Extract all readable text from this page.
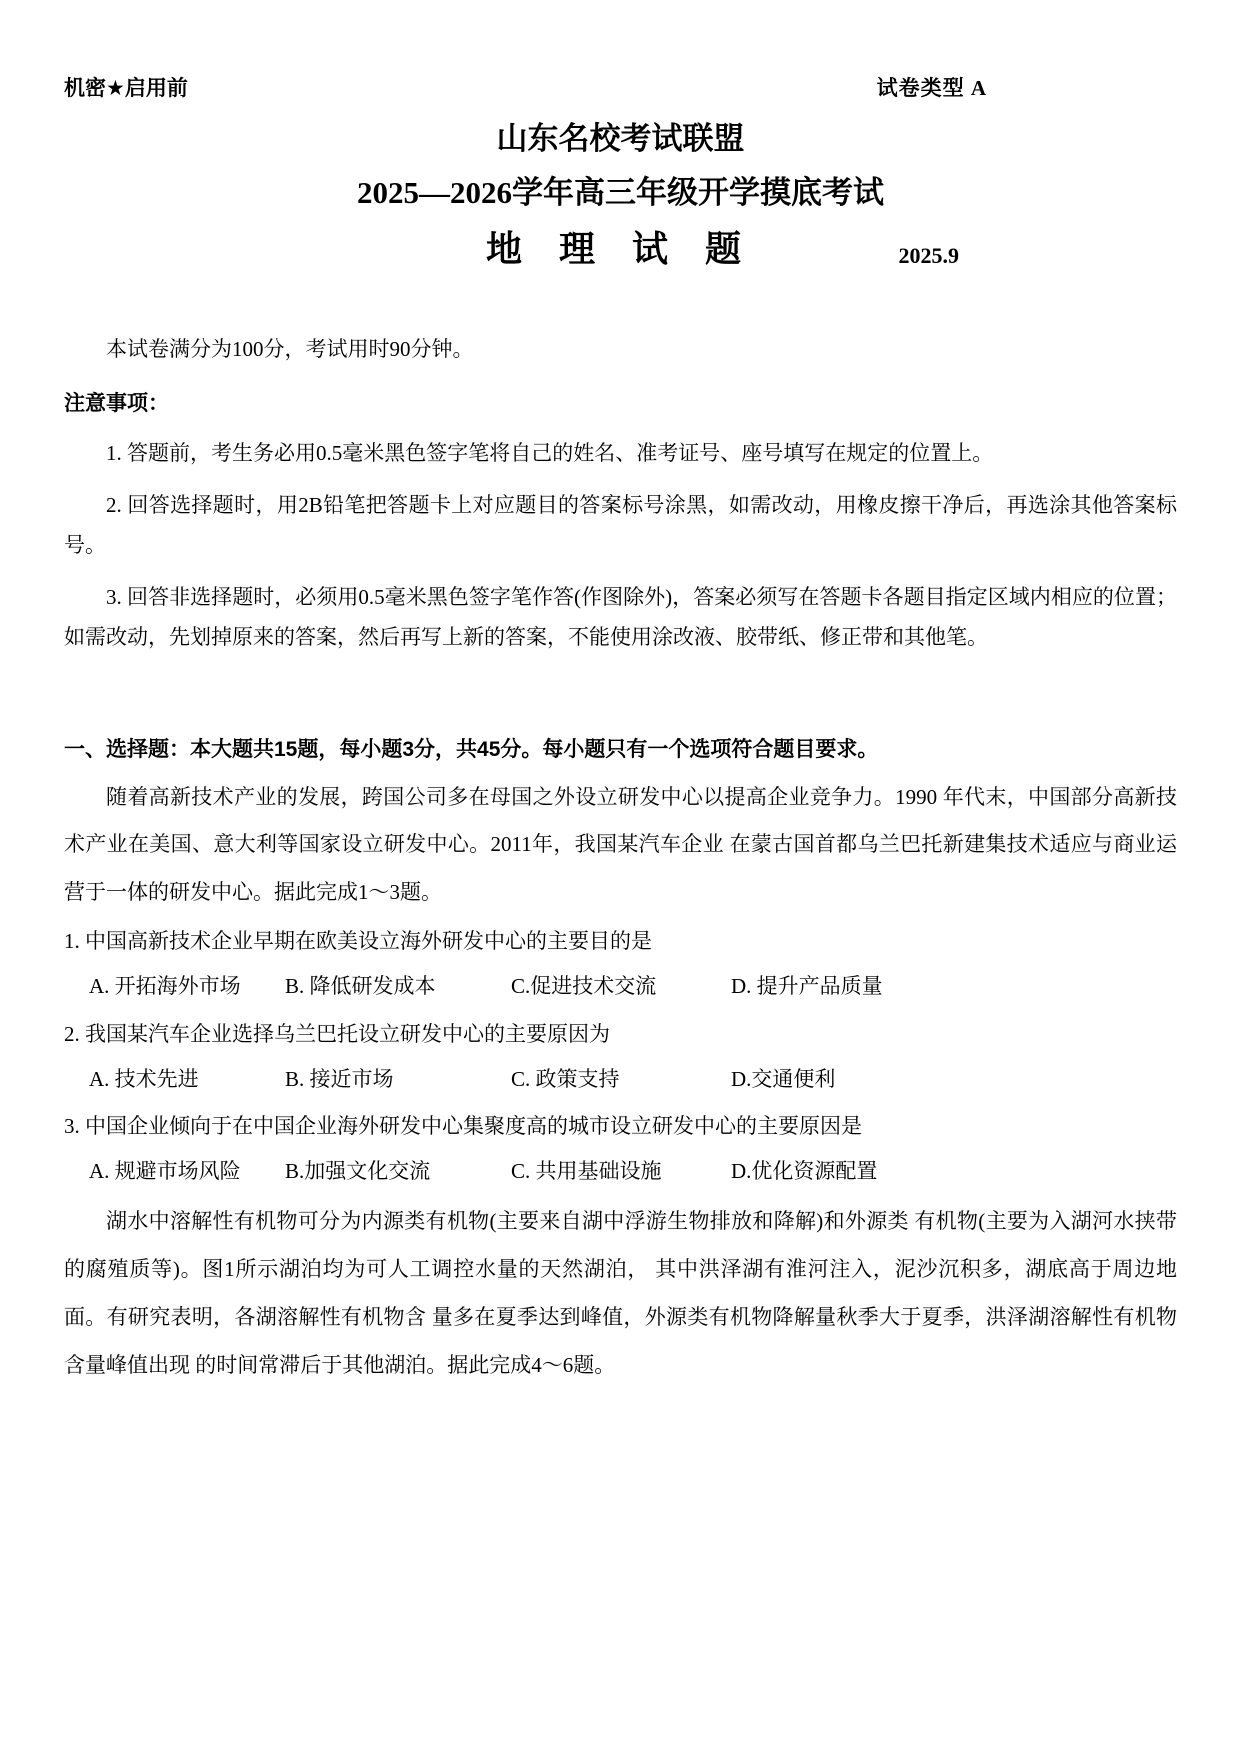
机密★启用前	试卷类型 A
山东名校考试联盟
2025—2026学年高三年级开学摸底考试
地 理 试 题	2025.9
本试卷满分为100分，考试用时90分钟。
注意事项：
1. 答题前，考生务必用0.5毫米黑色签字笔将自己的姓名、准考证号、座号填写在规定的位置上。
2. 回答选择题时，用2B铅笔把答题卡上对应题目的答案标号涂黑，如需改动，用橡皮擦干净后，再选涂其他答案标号。
3. 回答非选择题时，必须用0.5毫米黑色签字笔作答(作图除外)，答案必须写在答题卡各题目指定区域内相应的位置；如需改动，先划掉原来的答案，然后再写上新的答案，不能使用涂改液、胶带纸、修正带和其他笔。
一、选择题：本大题共15题，每小题3分，共45分。每小题只有一个选项符合题目要求。
随着高新技术产业的发展，跨国公司多在母国之外设立研发中心以提高企业竞争力。1990 年代末，中国部分高新技术产业在美国、意大利等国家设立研发中心。2011年，我国某汽车企业 在蒙古国首都乌兰巴托新建集技术适应与商业运营于一体的研发中心。据此完成1～3题。
1. 中国高新技术企业早期在欧美设立海外研发中心的主要目的是
A. 开拓海外市场	B. 降低研发成本	C.促进技术交流	D. 提升产品质量
2. 我国某汽车企业选择乌兰巴托设立研发中心的主要原因为
A. 技术先进	B. 接近市场	C. 政策支持	D.交通便利
3. 中国企业倾向于在中国企业海外研发中心集聚度高的城市设立研发中心的主要原因是
A. 规避市场风险	B.加强文化交流	C. 共用基础设施	D.优化资源配置
湖水中溶解性有机物可分为内源类有机物(主要来自湖中浮游生物排放和降解)和外源类 有机物(主要为入湖河水挟带的腐殖质等)。图1所示湖泊均为可人工调控水量的天然湖泊， 其中洪泽湖有淮河注入，泥沙沉积多，湖底高于周边地面。有研究表明，各湖溶解性有机物含 量多在夏季达到峰值，外源类有机物降解量秋季大于夏季，洪泽湖溶解性有机物含量峰值出现 的时间常滞后于其他湖泊。据此完成4～6题。
